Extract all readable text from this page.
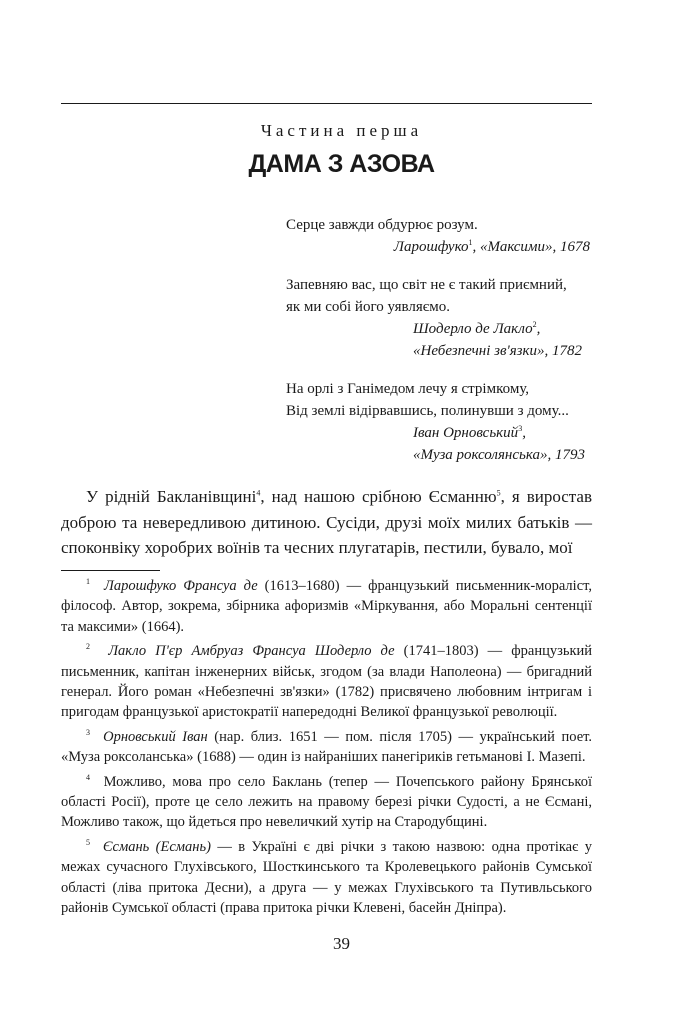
Частина перша
ДАМА З АЗОВА
Серце завжди обдурює розум.
Ларошфуко$^1$, «Максими», 1678
Запевняю вас, що світ не є такий приємний,
як ми собі його уявляємо.
Шодерло де Лакло$^2$,
«Небезпечні зв'язки», 1782
На орлі з Ганімедом лечу я стрімкому,
Від землі відірвавшись, полинувши з дому...
Іван Орновський$^3$,
«Муза роксолянська», 1793

У рідній Бакланівщині$^4$, над нашою срібною Єсманню$^5$, я виростав доброю та невередливою дитиною. Сусіди, друзі моїх милих батьків — споконвіку хоробрих воїнів та чесних плугатарів, пестили, бувало, мої

$^1$ Ларошфуко Франсуа де (1613–1680) — французький письменник-мораліст, філософ. Автор, зокрема, збірника афоризмів «Міркування, або Моральні сентенції та максими» (1664).

$^2$ Лакло П'єр Амбруаз Франсуа Шодерло де (1741–1803) — французький письменник, капітан інженерних військ, згодом (за влади Наполеона) — бригадний генерал. Його роман «Небезпечні зв'язки» (1782) присвячено любовним інтригам і пригодам французької аристократії напередодні Великої французької революції.

$^3$ Орновський Іван (нар. близ. 1651 — пом. після 1705) — український поет. «Муза роксоланська» (1688) — один із найраніших панегіриків гетьманові І. Мазепі.

$^4$ Можливо, мова про село Баклань (тепер — Почепського району Брянської області Росії), проте це село лежить на правому березі річки Судості, а не Єсмані, Можливо також, що йдеться про невеличкий хутір на Стародубщині.

$^5$ Єсмань (Есмань) — в Україні є дві річки з такою назвою: одна протікає у межах сучасного Глухівського, Шосткинського та Кролевецького районів Сумської області (ліва притока Десни), а друга — у межах Глухівського та Путивльського районів Сумської області (права притока річки Клевені, басейн Дніпра).

39
